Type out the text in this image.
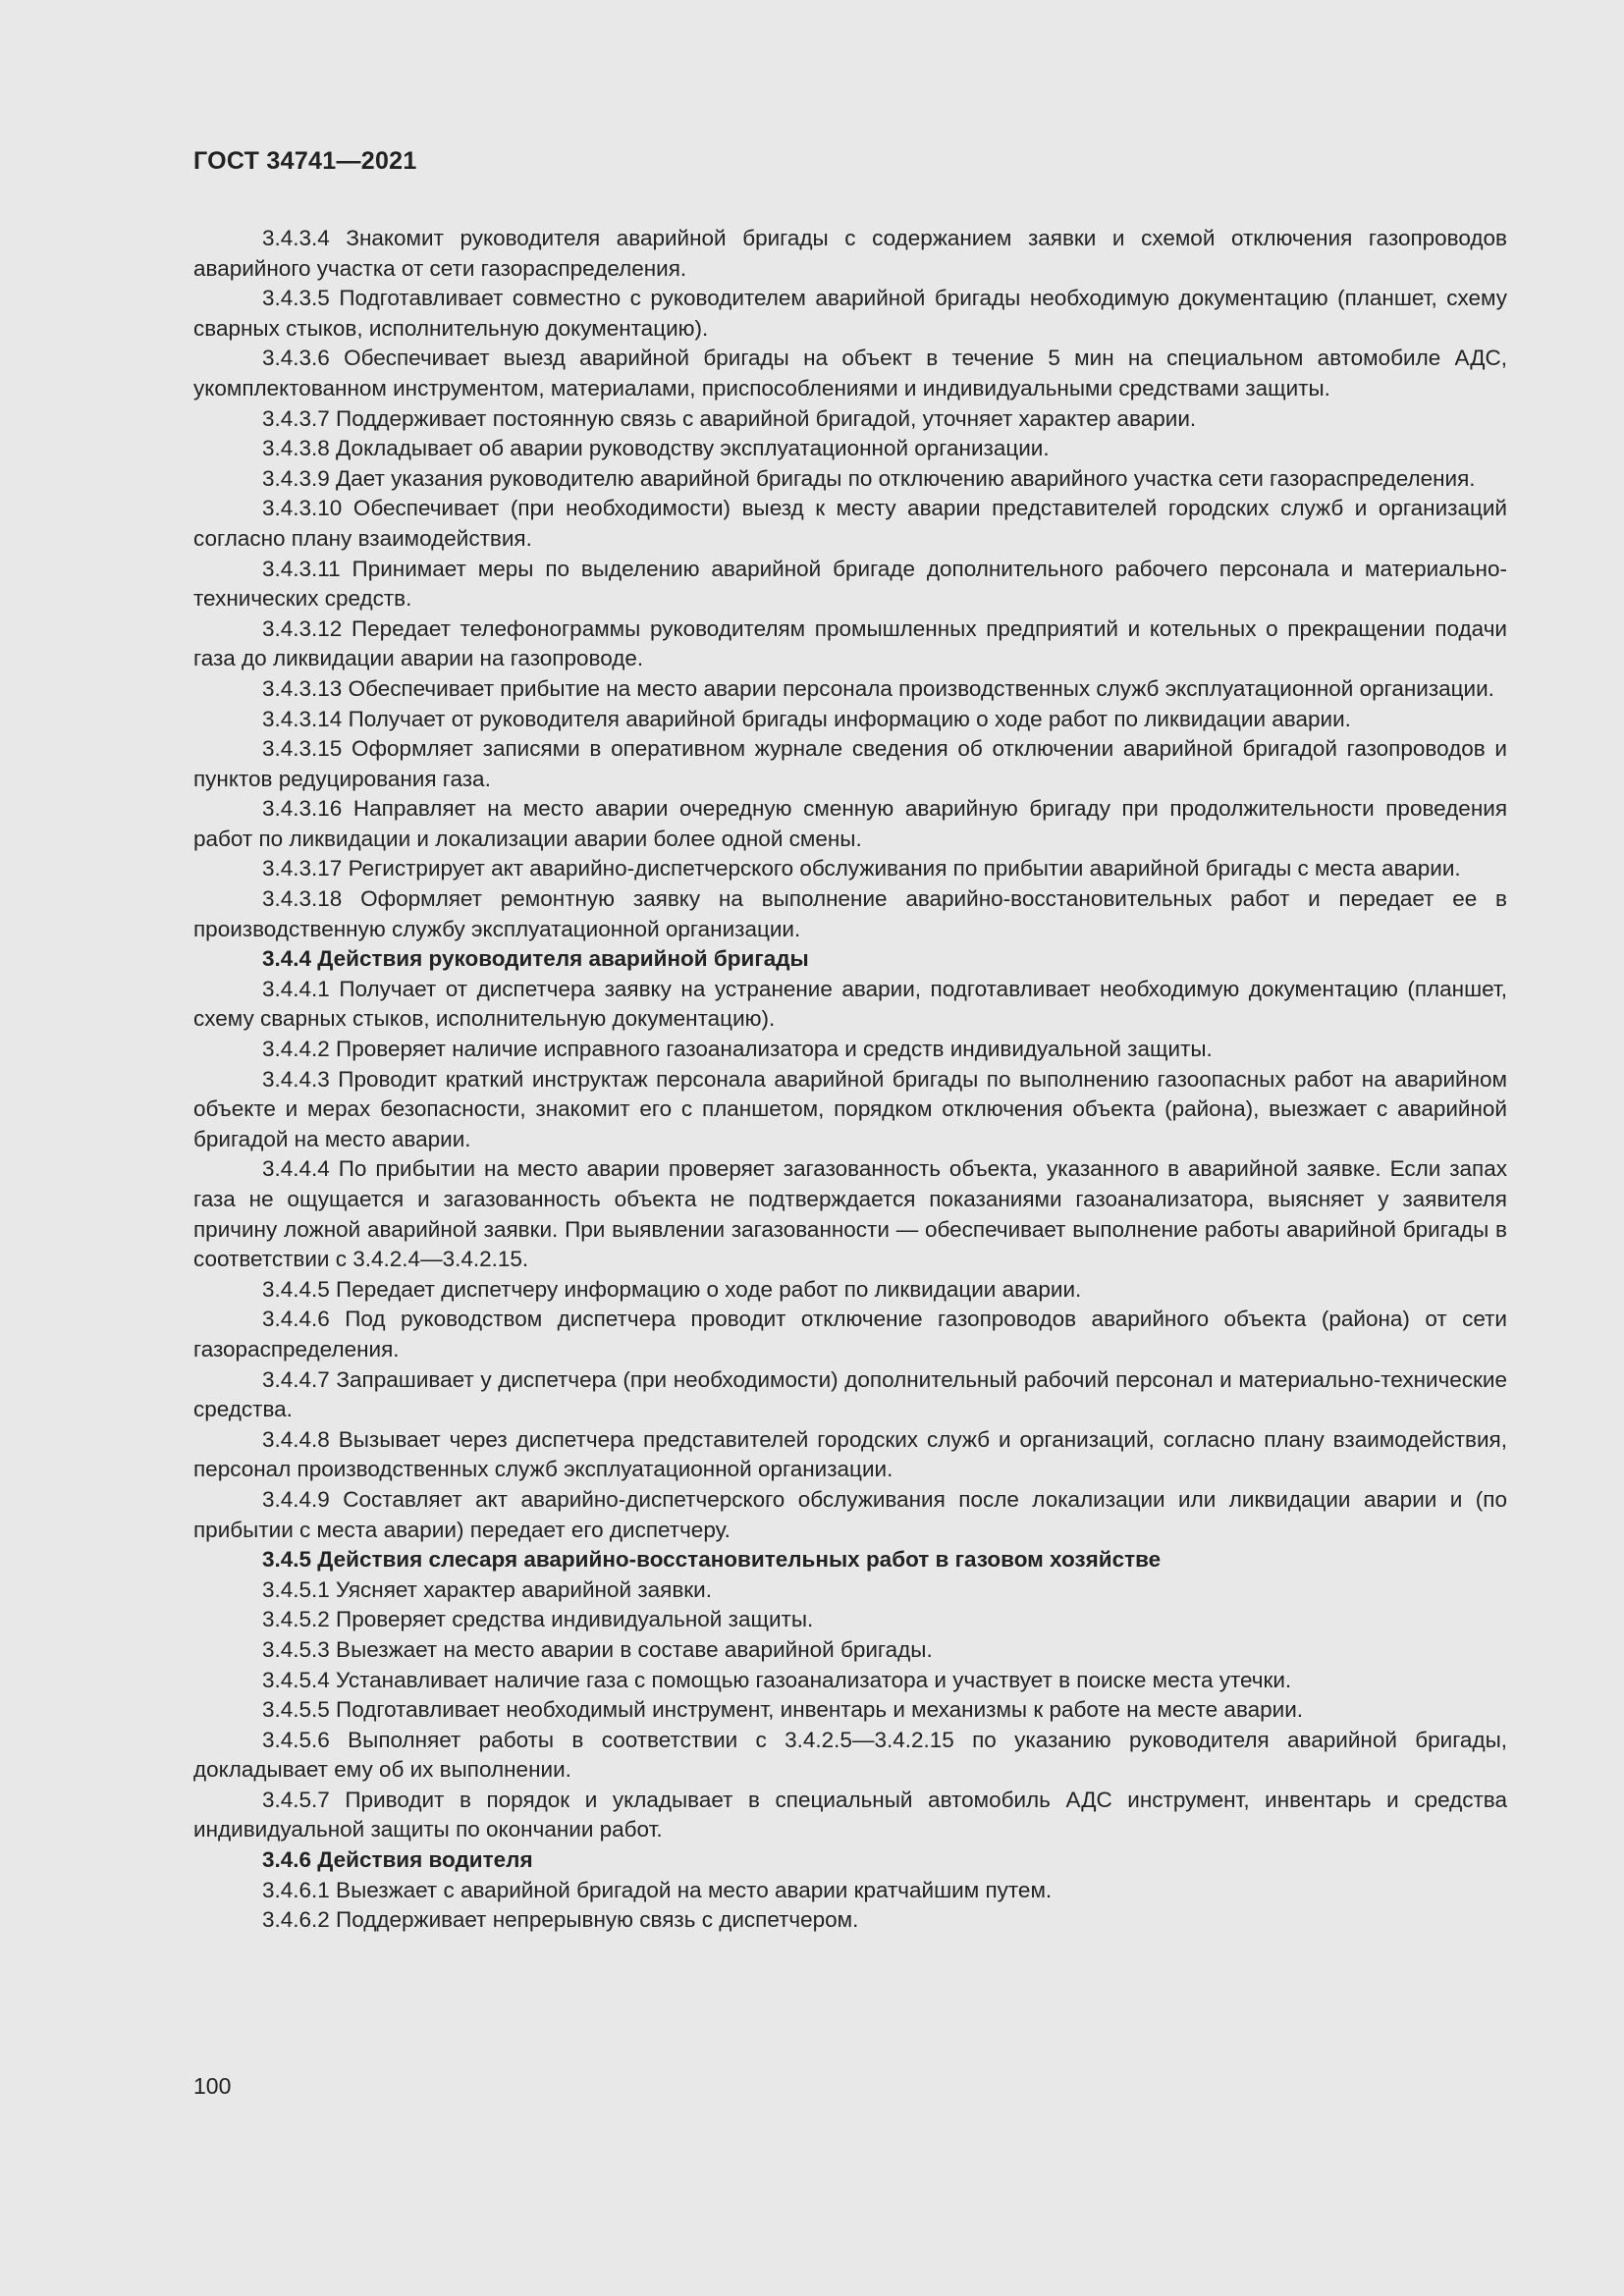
ГОСТ 34741—2021

3.4.3.4 Знакомит руководителя аварийной бригады с содержанием заявки и схемой отключения газопроводов аварийного участка от сети газораспределения.

3.4.3.5 Подготавливает совместно с руководителем аварийной бригады необходимую документацию (планшет, схему сварных стыков, исполнительную документацию).

3.4.3.6 Обеспечивает выезд аварийной бригады на объект в течение 5 мин на специальном автомобиле АДС, укомплектованном инструментом, материалами, приспособлениями и индивидуальными средствами защиты.

3.4.3.7 Поддерживает постоянную связь с аварийной бригадой, уточняет характер аварии.

3.4.3.8 Докладывает об аварии руководству эксплуатационной организации.

3.4.3.9 Дает указания руководителю аварийной бригады по отключению аварийного участка сети газораспределения.

3.4.3.10 Обеспечивает (при необходимости) выезд к месту аварии представителей городских служб и организаций согласно плану взаимодействия.

3.4.3.11 Принимает меры по выделению аварийной бригаде дополнительного рабочего персонала и материально-технических средств.

3.4.3.12 Передает телефонограммы руководителям промышленных предприятий и котельных о прекращении подачи газа до ликвидации аварии на газопроводе.

3.4.3.13 Обеспечивает прибытие на место аварии персонала производственных служб эксплуатационной организации.

3.4.3.14 Получает от руководителя аварийной бригады информацию о ходе работ по ликвидации аварии.

3.4.3.15 Оформляет записями в оперативном журнале сведения об отключении аварийной бригадой газопроводов и пунктов редуцирования газа.

3.4.3.16 Направляет на место аварии очередную сменную аварийную бригаду при продолжительности проведения работ по ликвидации и локализации аварии более одной смены.

3.4.3.17 Регистрирует акт аварийно-диспетчерского обслуживания по прибытии аварийной бригады с места аварии.

3.4.3.18 Оформляет ремонтную заявку на выполнение аварийно-восстановительных работ и передает ее в производственную службу эксплуатационной организации.

3.4.4 Действия руководителя аварийной бригады

3.4.4.1 Получает от диспетчера заявку на устранение аварии, подготавливает необходимую документацию (планшет, схему сварных стыков, исполнительную документацию).

3.4.4.2 Проверяет наличие исправного газоанализатора и средств индивидуальной защиты.

3.4.4.3 Проводит краткий инструктаж персонала аварийной бригады по выполнению газоопасных работ на аварийном объекте и мерах безопасности, знакомит его с планшетом, порядком отключения объекта (района), выезжает с аварийной бригадой на место аварии.

3.4.4.4 По прибытии на место аварии проверяет загазованность объекта, указанного в аварийной заявке. Если запах газа не ощущается и загазованность объекта не подтверждается показаниями газоанализатора, выясняет у заявителя причину ложной аварийной заявки. При выявлении загазованности — обеспечивает выполнение работы аварийной бригады в соответствии с 3.4.2.4—3.4.2.15.

3.4.4.5 Передает диспетчеру информацию о ходе работ по ликвидации аварии.

3.4.4.6 Под руководством диспетчера проводит отключение газопроводов аварийного объекта (района) от сети газораспределения.

3.4.4.7 Запрашивает у диспетчера (при необходимости) дополнительный рабочий персонал и материально-технические средства.

3.4.4.8 Вызывает через диспетчера представителей городских служб и организаций, согласно плану взаимодействия, персонал производственных служб эксплуатационной организации.

3.4.4.9 Составляет акт аварийно-диспетчерского обслуживания после локализации или ликвидации аварии и (по прибытии с места аварии) передает его диспетчеру.

3.4.5 Действия слесаря аварийно-восстановительных работ в газовом хозяйстве

3.4.5.1 Уясняет характер аварийной заявки.

3.4.5.2 Проверяет средства индивидуальной защиты.

3.4.5.3 Выезжает на место аварии в составе аварийной бригады.

3.4.5.4 Устанавливает наличие газа с помощью газоанализатора и участвует в поиске места утечки.

3.4.5.5 Подготавливает необходимый инструмент, инвентарь и механизмы к работе на месте аварии.

3.4.5.6 Выполняет работы в соответствии с 3.4.2.5—3.4.2.15 по указанию руководителя аварийной бригады, докладывает ему об их выполнении.

3.4.5.7 Приводит в порядок и укладывает в специальный автомобиль АДС инструмент, инвентарь и средства индивидуальной защиты по окончании работ.

3.4.6 Действия водителя

3.4.6.1 Выезжает с аварийной бригадой на место аварии кратчайшим путем.

3.4.6.2 Поддерживает непрерывную связь с диспетчером.

100
